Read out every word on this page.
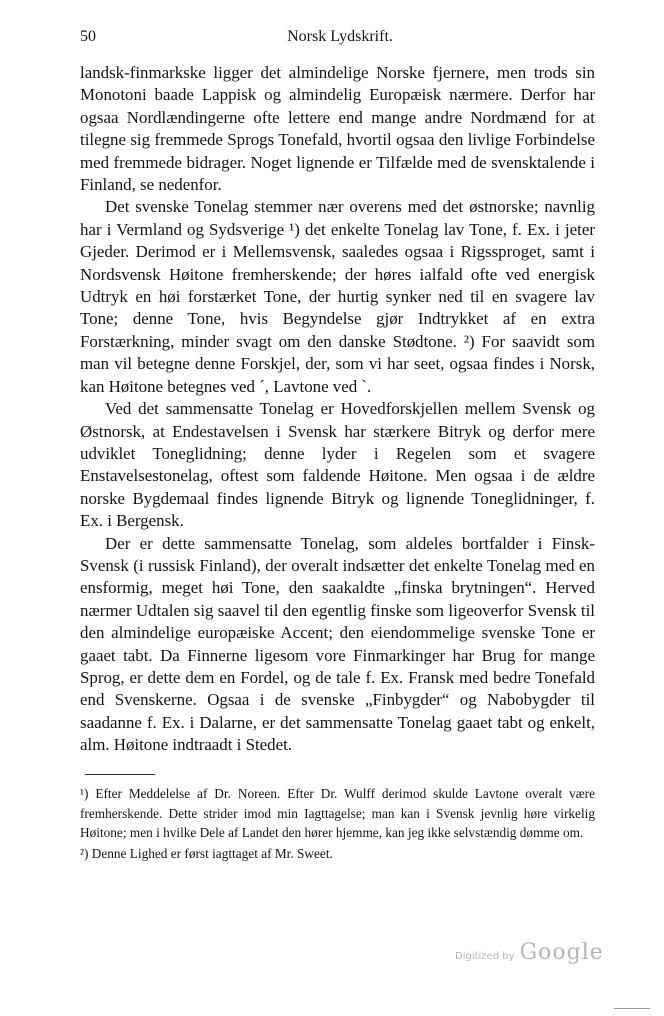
50	Norsk Lydskrift.

landsk-finmarkske ligger det almindelige Norske fjernere, men trods sin Monotoni baade Lappisk og almindelig Europæisk nærmere. Derfor har ogsaa Nordlændingerne ofte lettere end mange andre Nordmænd for at tilegne sig fremmede Sprogs Tonefald, hvortil ogsaa den livlige Forbindelse med fremmede bidrager. Noget lignende er Tilfælde med de svensktalende i Finland, se nedenfor.

Det svenske Tonelag stemmer nær overens med det østnorske; navnlig har i Vermland og Sydsverige ¹) det enkelte Tonelag lav Tone, f. Ex. i jeter Gjeder. Derimod er i Mellemsvensk, saaledes ogsaa i Rigssproget, samt i Nordsvensk Høitone fremherskende; der høres ialfald ofte ved energisk Udtryk en høi forstærket Tone, der hurtig synker ned til en svagere lav Tone; denne Tone, hvis Begyndelse gjør Indtrykket af en extra Forstærkning, minder svagt om den danske Stødtone. ²) For saavidt som man vil betegne denne Forskjel, der, som vi har seet, ogsaa findes i Norsk, kan Høitone betegnes ved ´, Lavtone ved ˋ.

Ved det sammensatte Tonelag er Hovedforskjellen mellem Svensk og Østnorsk, at Endestavelsen i Svensk har stærkere Bitryk og derfor mere udviklet Toneglidning; denne lyder i Regelen som et svagere Enstavelsestonelag, oftest som faldende Høitone. Men ogsaa i de ældre norske Bygdemaal findes lignende Bitryk og lignende Toneglidninger, f. Ex. i Bergensk.

Der er dette sammensatte Tonelag, som aldeles bortfalder i Finsk-Svensk (i russisk Finland), der overalt indsætter det enkelte Tonelag med en ensformig, meget høi Tone, den saakaldte „finska brytningen“. Herved nærmer Udtalen sig saavel til den egentlig finske som ligeoverfor Svensk til den almindelige europæiske Accent; den eiendommelige svenske Tone er gaaet tabt. Da Finnerne ligesom vore Finmarkinger har Brug for mange Sprog, er dette dem en Fordel, og de tale f. Ex. Fransk med bedre Tonefald end Svenskerne. Ogsaa i de svenske „Finbygder“ og Nabobygder til saadanne f. Ex. i Dalarne, er det sammensatte Tonelag gaaet tabt og enkelt, alm. Høitone indtraadt i Stedet.

¹) Efter Meddelelse af Dr. Noreen. Efter Dr. Wulff derimod skulde Lavtone overalt være fremherskende. Dette strider imod min Iagttagelse; man kan i Svensk jevnlig høre virkelig Høitone; men i hvilke Dele af Landet den hører hjemme, kan jeg ikke selvstændig dømme om.

²) Denne Lighed er først iagttaget af Mr. Sweet.

Digitized by Google
